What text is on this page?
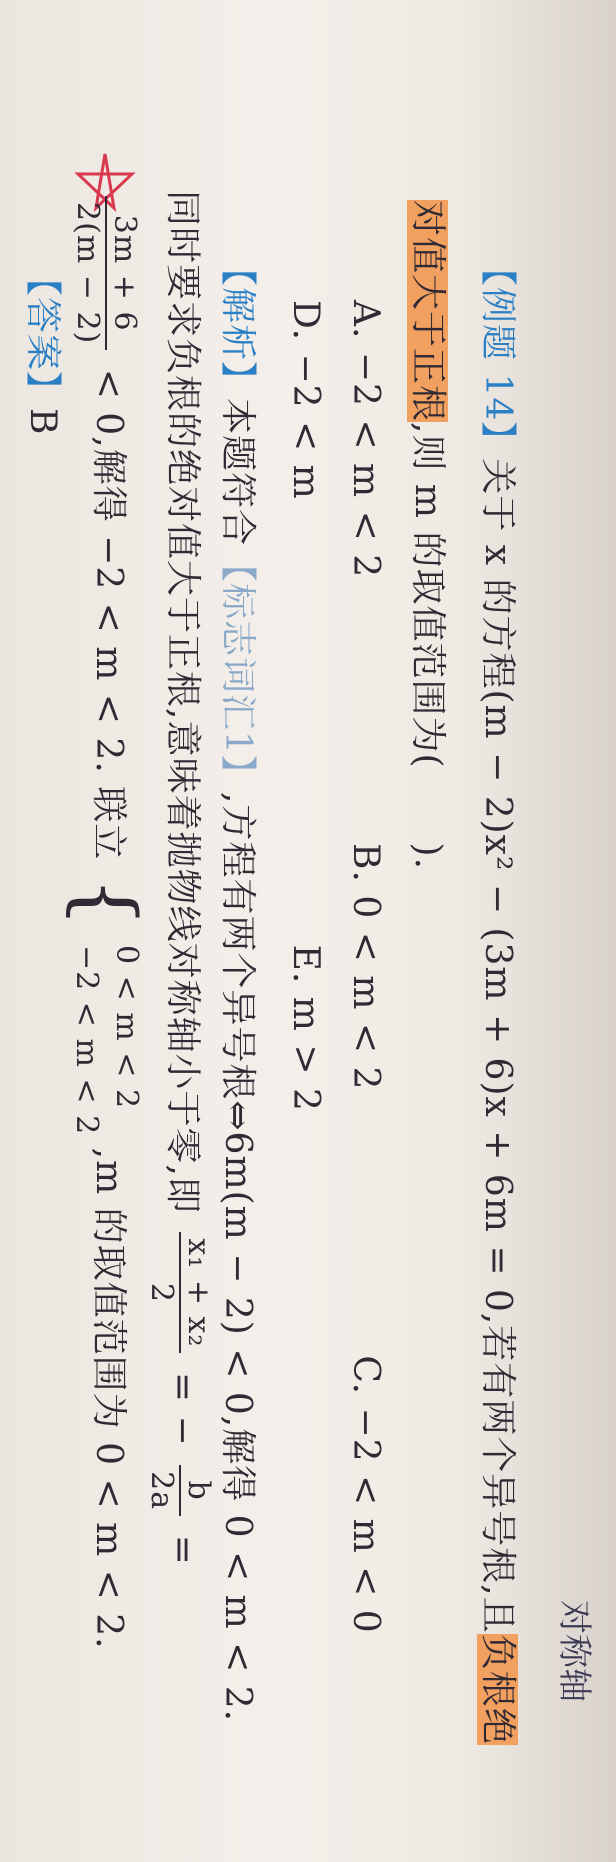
【例题 14】关于 x 的方程(m − 2)x² − (3m + 6)x + 6m = 0,若有两个异号根,且负根绝
对值大于正根,则 m 的取值范围为(　　).
A. −2 < m < 2  B. 0 < m < 2  C. −2 < m < 0
D. −2 < m  E. m > 2
【解析】本题符合【标志词汇1】,方程有两个异号根⇔6m(m − 2) < 0,解得 0 < m < 2.
同时要求负根的绝对值大于正根,意味着抛物线对称轴小于零,即
x₁ + x₂
2
= −
b
2a
=
3m + 6
2(m − 2)
< 0,解得 −2 < m < 2. 联立 {
0 < m < 2
−2 < m < 2
,m 的取值范围为 0 < m < 2.
【答案】B
对称轴
